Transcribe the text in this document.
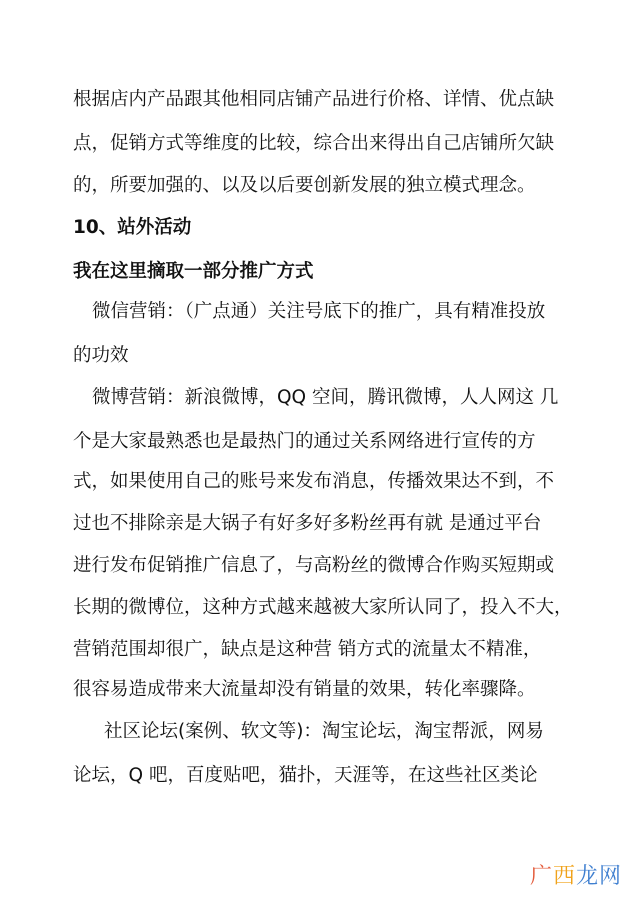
根据店内产品跟其他相同店铺产品进行价格、详情、优点缺
点，促销方式等维度的比较，综合出来得出自己店铺所欠缺
的，所要加强的、以及以后要创新发展的独立模式理念。
10、站外活动
我在这里摘取一部分推广方式
微信营销：（广点通）关注号底下的推广，具有精准投放
的功效
微博营销：新浪微博，QQ 空间，腾讯微博，人人网这 几
个是大家最熟悉也是最热门的通过关系网络进行宣传的方
式，如果使用自己的账号来发布消息，传播效果达不到，不
过也不排除亲是大锅子有好多好多粉丝再有就 是通过平台
进行发布促销推广信息了，与高粉丝的微博合作购买短期或
长期的微博位，这种方式越来越被大家所认同了，投入不大，
营销范围却很广，缺点是这种营 销方式的流量太不精准，
很容易造成带来大流量却没有销量的效果，转化率骤降。
社区论坛(案例、软文等)：淘宝论坛，淘宝帮派，网易
论坛，Q 吧，百度贴吧，猫扑，天涯等，在这些社区类论
广西龙网
